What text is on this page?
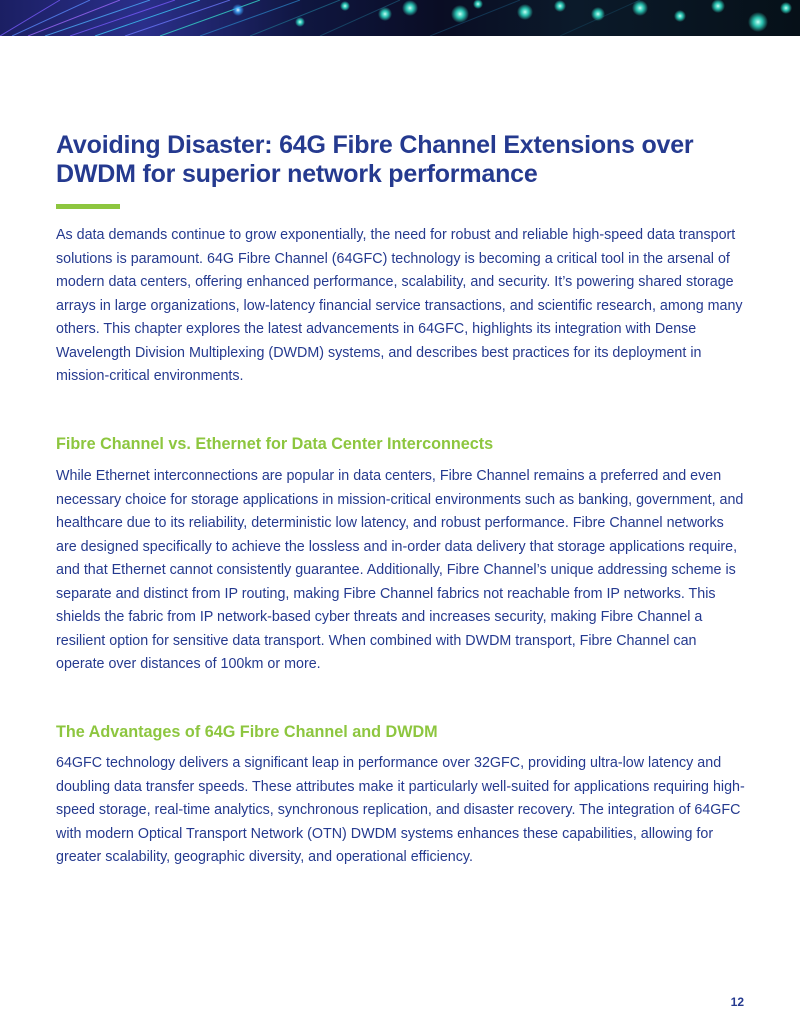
Avoiding Disaster: 64G Fibre Channel Extensions over DWDM for superior network performance

As data demands continue to grow exponentially, the need for robust and reliable high-speed data transport solutions is paramount. 64G Fibre Channel (64GFC) technology is becoming a critical tool in the arsenal of modern data centers, offering enhanced performance, scalability, and security. It’s powering shared storage arrays in large organizations, low-latency financial service transactions, and scientific research, among many others. This chapter explores the latest advancements in 64GFC, highlights its integration with Dense Wavelength Division Multiplexing (DWDM) systems, and describes best practices for its deployment in mission-critical environments.

Fibre Channel vs. Ethernet for Data Center Interconnects

While Ethernet interconnections are popular in data centers, Fibre Channel remains a preferred and even necessary choice for storage applications in mission-critical environments such as banking, government, and healthcare due to its reliability, deterministic low latency, and robust performance. Fibre Channel networks are designed specifically to achieve the lossless and in-order data delivery that storage applications require, and that Ethernet cannot consistently guarantee. Additionally, Fibre Channel’s unique addressing scheme is separate and distinct from IP routing, making Fibre Channel fabrics not reachable from IP networks. This shields the fabric from IP network-based cyber threats and increases security, making Fibre Channel a resilient option for sensitive data transport. When combined with DWDM transport, Fibre Channel can operate over distances of 100km or more.

The Advantages of 64G Fibre Channel and DWDM

64GFC technology delivers a significant leap in performance over 32GFC, providing ultra-low latency and doubling data transfer speeds. These attributes make it particularly well-suited for applications requiring high-speed storage, real-time analytics, synchronous replication, and disaster recovery. The integration of 64GFC with modern Optical Transport Network (OTN) DWDM systems enhances these capabilities, allowing for greater scalability, geographic diversity, and operational efficiency.

12
